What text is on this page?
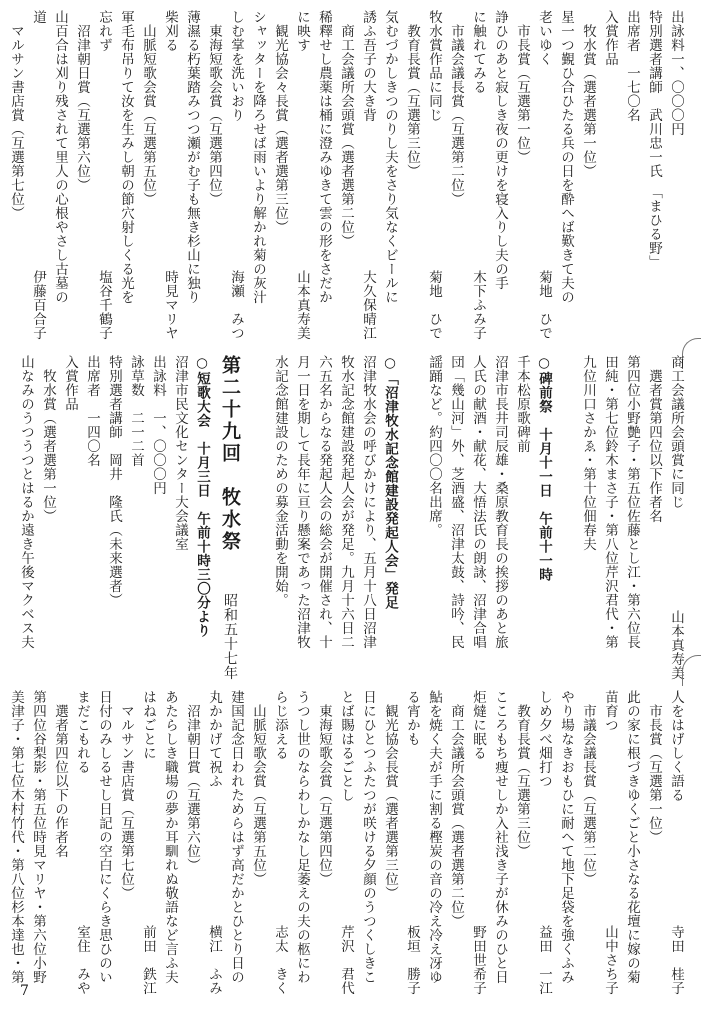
出詠料一、〇〇〇円
特別選者講師　武川忠一氏　「まひる野」
出席者　一七〇名
入賞作品
　牧水賞（選者選第一位）
星一つ覲ひ合ひたる兵の日を酔へば歎きて夫の
老いゆく
菊地　ひで
　市長賞（互選第一位）
諍ひのあと寂しき夜の更けを寝入りし夫の手
に触れてみる
木下ふみ子
　市議会議長賞（互選第二位）
牧水賞作品に同じ
菊地　ひで
　教育長賞（互選第三位）
気むづかしきつのりし夫をさり気なくビールに
誘ふ吾子の大き背
大久保晴江
　商工会議所会頭賞（選者選第二位）
稀釋せし農薬は桶に澄みゆきて雲の形をさだか
に映す
山本真寿美
　観光協会々長賞（選者選第三位）
シャッターを降ろせば雨いより解かれ菊の灰汁
しむ掌を洗いおり
海瀬　みつ
　東海短歌会賞（互選第四位）
薄濕る朽葉踏みつつ瀬がむ子も無き杉山に独り
柴刈る
時見マリヤ
　山脈短歌会賞（互選第五位）
軍毛布吊りて汝を生みし朝の節穴射しくる光を
忘れず
塩谷千鶴子
　沼津朝日賞（互選第六位）
山百合は刈り残されて里人の心根やさし古墓の
道
伊藤百合子
　マルサン書店賞（互選第七位）
商工会議所会頭賞に同じ
山本真寿美
　選者賞第四位以下作者名
第四位小野艶子・第五位佐藤とし江・第六位長
田純・第七位鈴木まさ子・第八位芹沢君代・第
九位川口さかゑ・第十位佃春夫
○碑前祭　十月十一日　午前十一時
千本松原歌碑前
沼津市長井司辰雄・桑原教育長の挨拶のあと旅
人氏の献酒・献花、大悟法氏の朗詠、沼津合唱
団「幾山河」外、芝酒盛、沼津太鼓、詩吟、民
謡踊など。約四〇〇名出席。
○「沼津牧水記念館建設発起人会」発足
沼津牧水会の呼びかけにより、五月十八日沼津
牧水記念館建設発起人会が発足。九月十六日二
六五名からなる発起人会の総会が開催され、十
月一日を期して長年に亘り懸案であった沼津牧
水記念館建設のための募金活動を開始。
第二十九回　牧水祭
昭和五十七年
○短歌大会　十月三日　午前十時三〇分より
沼津市民文化センター大会議室
出詠料　一、〇〇〇円
詠草数　二一二首
特別選者講師　岡井　隆氏（未来選者）
出席者　一四〇名
入賞作品
　牧水賞（選者選第一位）
山なみのうつうつとはるか遠き午後マクベス夫
人をはげしく語る
寺田　桂子
　市長賞（互選第一位）
此の家に根づきゆくごと小さなる花壇に嫁の菊
苗育つ
山中さち子
　市議会議長賞（互選第二位）
やり場なきおもひに耐へて地下足袋を強くふみ
しめ夕べ畑打つ
益田　一江
　教育長賞（互選第三位）
こころもち痩せしか入社浅き子が休みのひと日
炬燵に眠る
野田世希子
　商工会議所会頭賞（選者選第二位）
鮎を焼く夫が手に割る樫炭の音の冷え冷え冴ゆ
る宵かも
板垣　勝子
　観光協会長賞（選者選第三位）
日にひとつふたつが咲ける夕顔のうつくしきこ
とば賜はるごとし
芹沢　君代
　東海短歌会賞（互選第四位）
うつし世のならわしかなし足萎えの夫の柩にわ
らじ添える
志太　きく
　山脈短歌会賞（互選第五位）
建国記念日われためらはず高だかとひとり日の
丸かかげて祝ふ
横江　ふみ
　沼津朝日賞（互選第六位）
あたらしき職場の夢か耳馴れぬ敬語など言ふ夫
はねごとに
前田　鉄江
　マルサン書店賞（互選第七位）
日付のみしるせし日記の空白にくらき思ひのい
まだこもれる
室住　みや
　選者第四位以下の作者名
第四位谷梨影・第五位時見マリヤ・第六位小野
美津子・第七位木村竹代・第八位杉本達也・第
7
